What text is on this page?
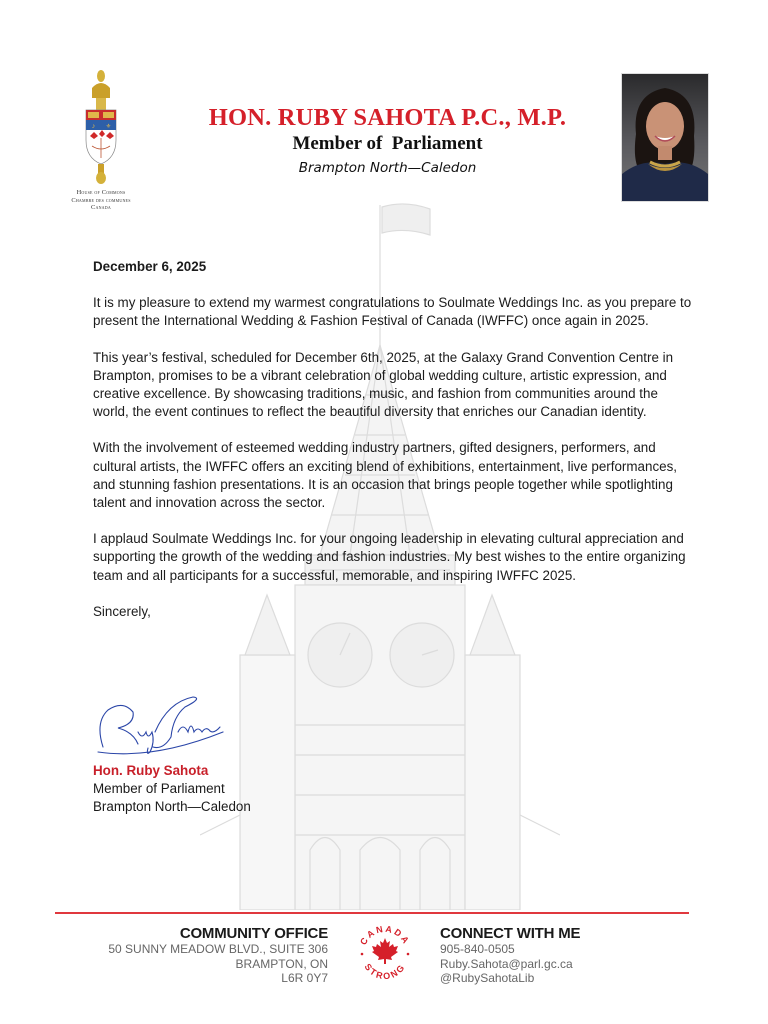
♪ ⚜
House of Commons
Chambre des communes
Canada
HON. RUBY SAHOTA P.C., M.P.
Member of  Parliament
Brampton North—Caledon
December 6, 2025

It is my pleasure to extend my warmest congratulations to Soulmate Weddings Inc. as you prepare to present the International Wedding & Fashion Festival of Canada (IWFFC) once again in 2025.

This year’s festival, scheduled for December 6th, 2025, at the Galaxy Grand Convention Centre in Brampton, promises to be a vibrant celebration of global wedding culture, artistic expression, and creative excellence. By showcasing traditions, music, and fashion from communities around the world, the event continues to reflect the beautiful diversity that enriches our Canadian identity.

With the involvement of esteemed wedding industry partners, gifted designers, performers, and cultural artists, the IWFFC offers an exciting blend of exhibitions, entertainment, live performances, and stunning fashion presentations. It is an occasion that brings people together while spotlighting talent and innovation across the sector.

I applaud Soulmate Weddings Inc. for your ongoing leadership in elevating cultural appreciation and supporting the growth of the wedding and fashion industries. My best wishes to the entire organizing team and all participants for a successful, memorable, and inspiring IWFFC 2025.

Sincerely,

Hon. Ruby Sahota
Member of Parliament
Brampton North—Caledon
COMMUNITY OFFICE
50 SUNNY MEADOW BLVD., SUITE 306
BRAMPTON, ON
L6R 0Y7
CANADA
STRONG
CONNECT WITH ME
905-840-0505
Ruby.Sahota@parl.gc.ca
@RubySahotaLib
